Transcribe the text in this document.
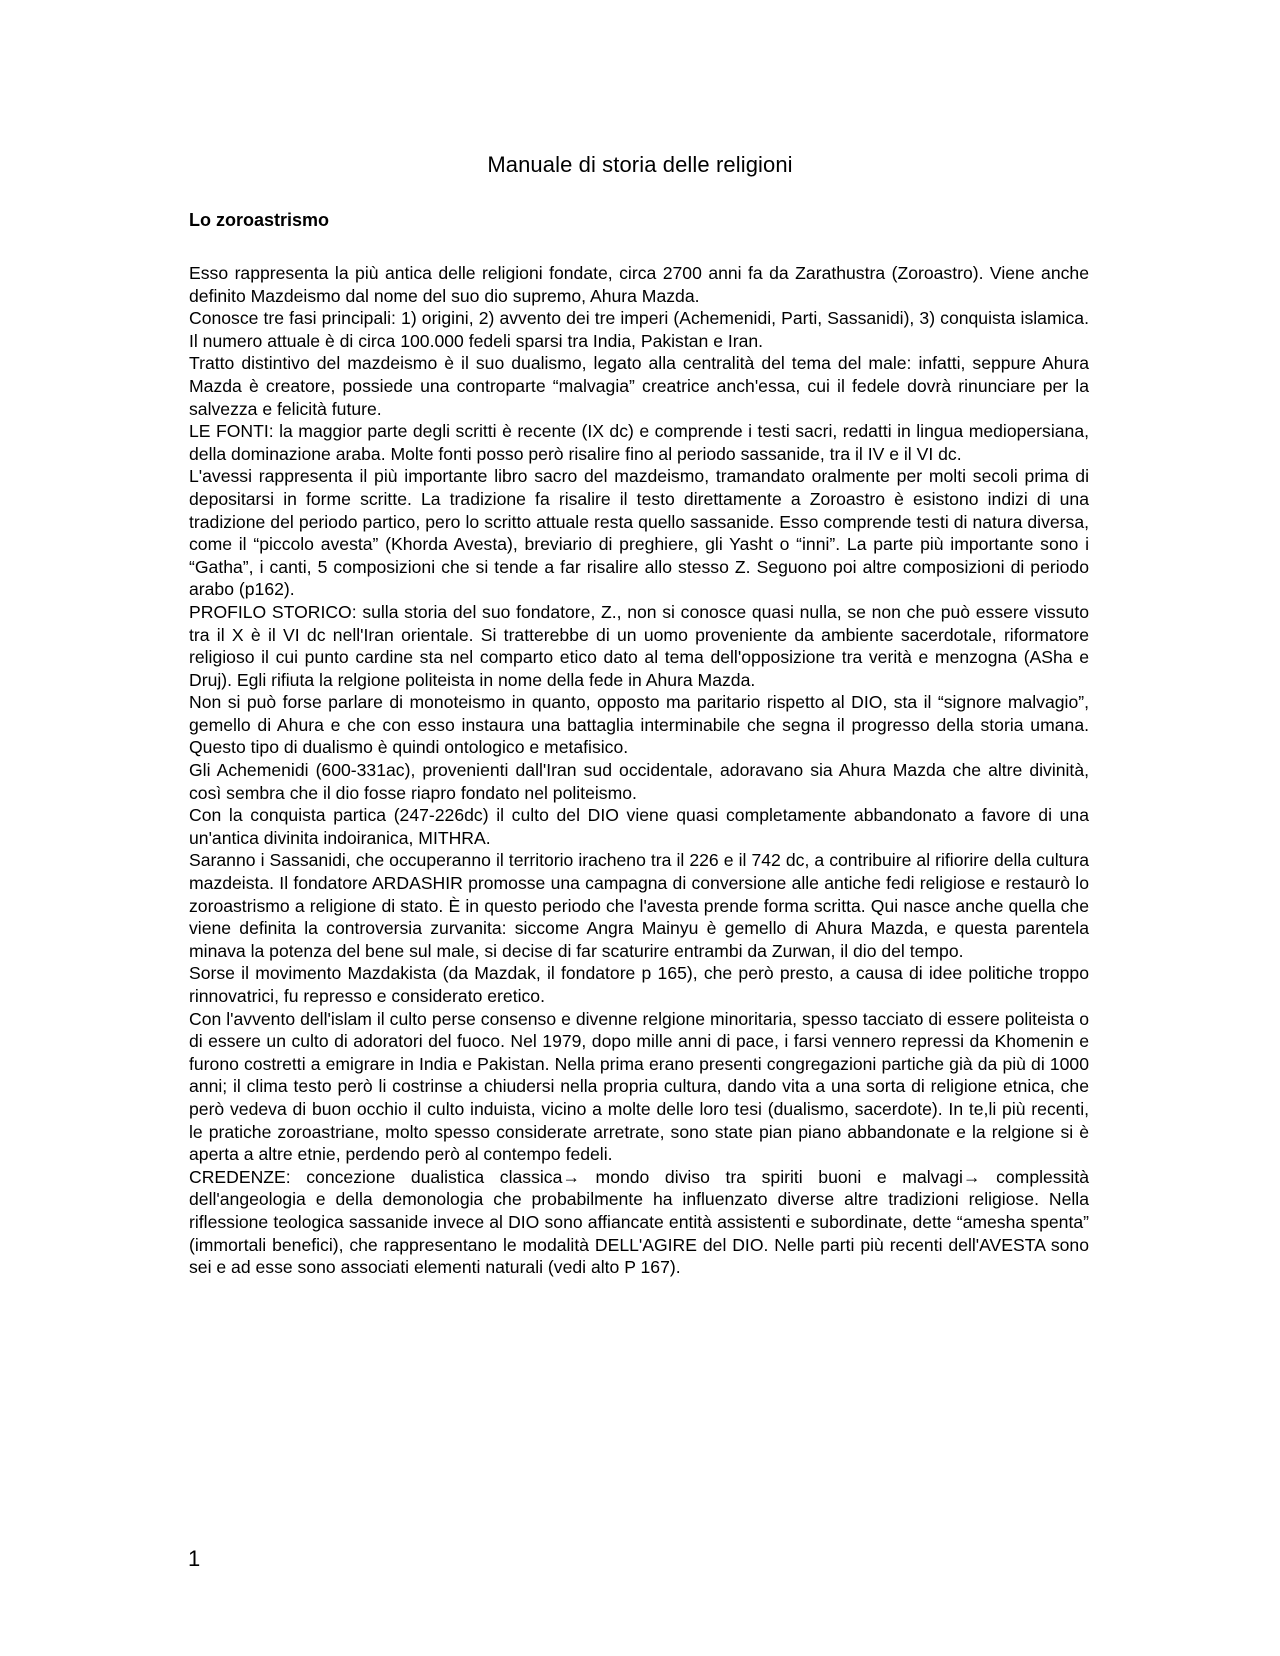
Manuale di storia delle religioni
Lo zoroastrismo

Esso rappresenta la più antica delle religioni fondate, circa 2700 anni fa da Zarathustra (Zoroastro). Viene anche definito Mazdeismo dal nome del suo dio supremo, Ahura Mazda.

Conosce tre fasi principali: 1) origini, 2) avvento dei tre imperi (Achemenidi, Parti, Sassanidi), 3) conquista islamica. Il numero attuale è di circa 100.000 fedeli sparsi tra India, Pakistan e Iran.

Tratto distintivo del mazdeismo è il suo dualismo, legato alla centralità del tema del male: infatti, seppure Ahura Mazda è creatore, possiede una controparte “malvagia” creatrice anch'essa, cui il fedele dovrà rinunciare per la salvezza e felicità future.

LE FONTI: la maggior parte degli scritti è recente (IX dc) e comprende i testi sacri, redatti in lingua mediopersiana, della dominazione araba. Molte fonti posso però risalire fino al periodo sassanide, tra il IV e il VI dc.

L'avessi rappresenta il più importante libro sacro del mazdeismo, tramandato oralmente per molti secoli prima di depositarsi in forme scritte. La tradizione fa risalire il testo direttamente a Zoroastro è esistono indizi di una tradizione del periodo partico, pero lo scritto attuale resta quello sassanide. Esso comprende testi di natura diversa, come il “piccolo avesta” (Khorda Avesta), breviario di preghiere, gli Yasht o “inni”. La parte più importante sono i “Gatha”, i canti, 5 composizioni che si tende a far risalire allo stesso Z. Seguono poi altre composizioni di periodo arabo (p162).

PROFILO STORICO: sulla storia del suo fondatore, Z., non si conosce quasi nulla, se non che può essere vissuto tra il X è il VI dc nell'Iran orientale. Si tratterebbe di un uomo proveniente da ambiente sacerdotale, riformatore religioso il cui punto cardine sta nel comparto etico dato al tema dell'opposizione tra verità e menzogna (ASha e Druj). Egli rifiuta la relgione politeista in nome della fede in Ahura Mazda.

Non si può forse parlare di monoteismo in quanto, opposto ma paritario rispetto al DIO, sta il “signore malvagio”, gemello di Ahura e che con esso instaura una battaglia interminabile che segna il progresso della storia umana. Questo tipo di dualismo è quindi ontologico e metafisico.

Gli Achemenidi (600-331ac), provenienti dall'Iran sud occidentale, adoravano sia Ahura Mazda che altre divinità, così sembra che il dio fosse riapro fondato nel politeismo.

Con la conquista partica (247-226dc) il culto del DIO viene quasi completamente abbandonato a favore di una un'antica divinita indoiranica, MITHRA.

Saranno i Sassanidi, che occuperanno il territorio iracheno tra il 226 e il 742 dc, a contribuire al rifiorire della cultura mazdeista. Il fondatore ARDASHIR promosse una campagna di conversione alle antiche fedi religiose e restaurò lo zoroastrismo a religione di stato. È in questo periodo che l'avesta prende forma scritta. Qui nasce anche quella che viene definita la controversia zurvanita: siccome Angra Mainyu è gemello di Ahura Mazda, e questa parentela minava la potenza del bene sul male, si decise di far scaturire entrambi da Zurwan, il dio del tempo.

Sorse il movimento Mazdakista (da Mazdak, il fondatore p 165), che però presto, a causa di idee politiche troppo rinnovatrici, fu represso e considerato eretico.

Con l'avvento dell'islam il culto perse consenso e divenne relgione minoritaria, spesso tacciato di essere politeista o di essere un culto di adoratori del fuoco. Nel 1979, dopo mille anni di pace, i farsi vennero repressi da Khomenin e furono costretti a emigrare in India e Pakistan. Nella prima erano presenti congregazioni partiche già da più di 1000 anni; il clima testo però li costrinse a chiudersi nella propria cultura, dando vita a una sorta di religione etnica, che però vedeva di buon occhio il culto induista, vicino a molte delle loro tesi (dualismo, sacerdote). In te,li più recenti, le pratiche zoroastriane, molto spesso considerate arretrate, sono state pian piano abbandonate e la relgione si è aperta a altre etnie, perdendo però al contempo fedeli.

CREDENZE: concezione dualistica classica→ mondo diviso tra spiriti buoni e malvagi→ complessità dell'angeologia e della demonologia che probabilmente ha influenzato diverse altre tradizioni religiose. Nella riflessione teologica sassanide invece al DIO sono affiancate entità assistenti e subordinate, dette “amesha spenta” (immortali benefici), che rappresentano le modalità DELL'AGIRE del DIO. Nelle parti più recenti dell'AVESTA sono sei e ad esse sono associati elementi naturali (vedi alto P 167).

1
